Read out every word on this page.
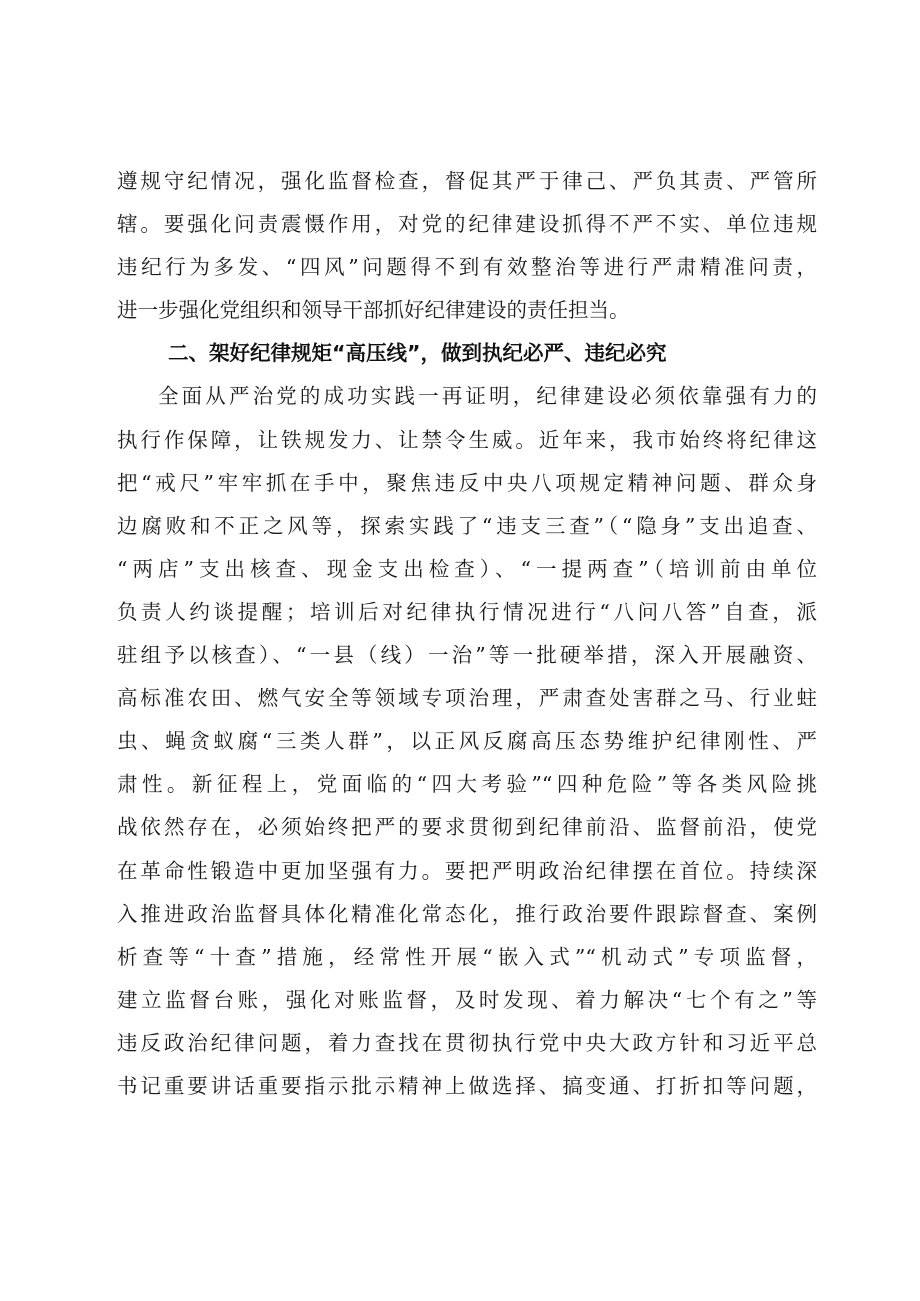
遵规守纪情况，强化监督检查，督促其严于律己、严负其责、严管所
辖。要强化问责震慑作用，对党的纪律建设抓得不严不实、单位违规
违纪行为多发、“四风”问题得不到有效整治等进行严肃精准问责，
进一步强化党组织和领导干部抓好纪律建设的责任担当。
二、架好纪律规矩“高压线”，做到执纪必严、违纪必究
全面从严治党的成功实践一再证明，纪律建设必须依靠强有力的
执行作保障，让铁规发力、让禁令生威。近年来，我市始终将纪律这
把“戒尺”牢牢抓在手中，聚焦违反中央八项规定精神问题、群众身
边腐败和不正之风等，探索实践了“违支三查”（“隐身”支出追查、
“两店”支出核查、现金支出检查）、“一提两查”（培训前由单位
负责人约谈提醒；培训后对纪律执行情况进行“八问八答”自查，派
驻组予以核查）、“一县（线）一治”等一批硬举措，深入开展融资、
高标准农田、燃气安全等领域专项治理，严肃查处害群之马、行业蛀
虫、蝇贪蚁腐“三类人群”，以正风反腐高压态势维护纪律刚性、严
肃性。新征程上，党面临的“四大考验”“四种危险”等各类风险挑
战依然存在，必须始终把严的要求贯彻到纪律前沿、监督前沿，使党
在革命性锻造中更加坚强有力。要把严明政治纪律摆在首位。持续深
入推进政治监督具体化精准化常态化，推行政治要件跟踪督查、案例
析查等“十查”措施，经常性开展“嵌入式”“机动式”专项监督，
建立监督台账，强化对账监督，及时发现、着力解决“七个有之”等
违反政治纪律问题，着力查找在贯彻执行党中央大政方针和习近平总
书记重要讲话重要指示批示精神上做选择、搞变通、打折扣等问题，
